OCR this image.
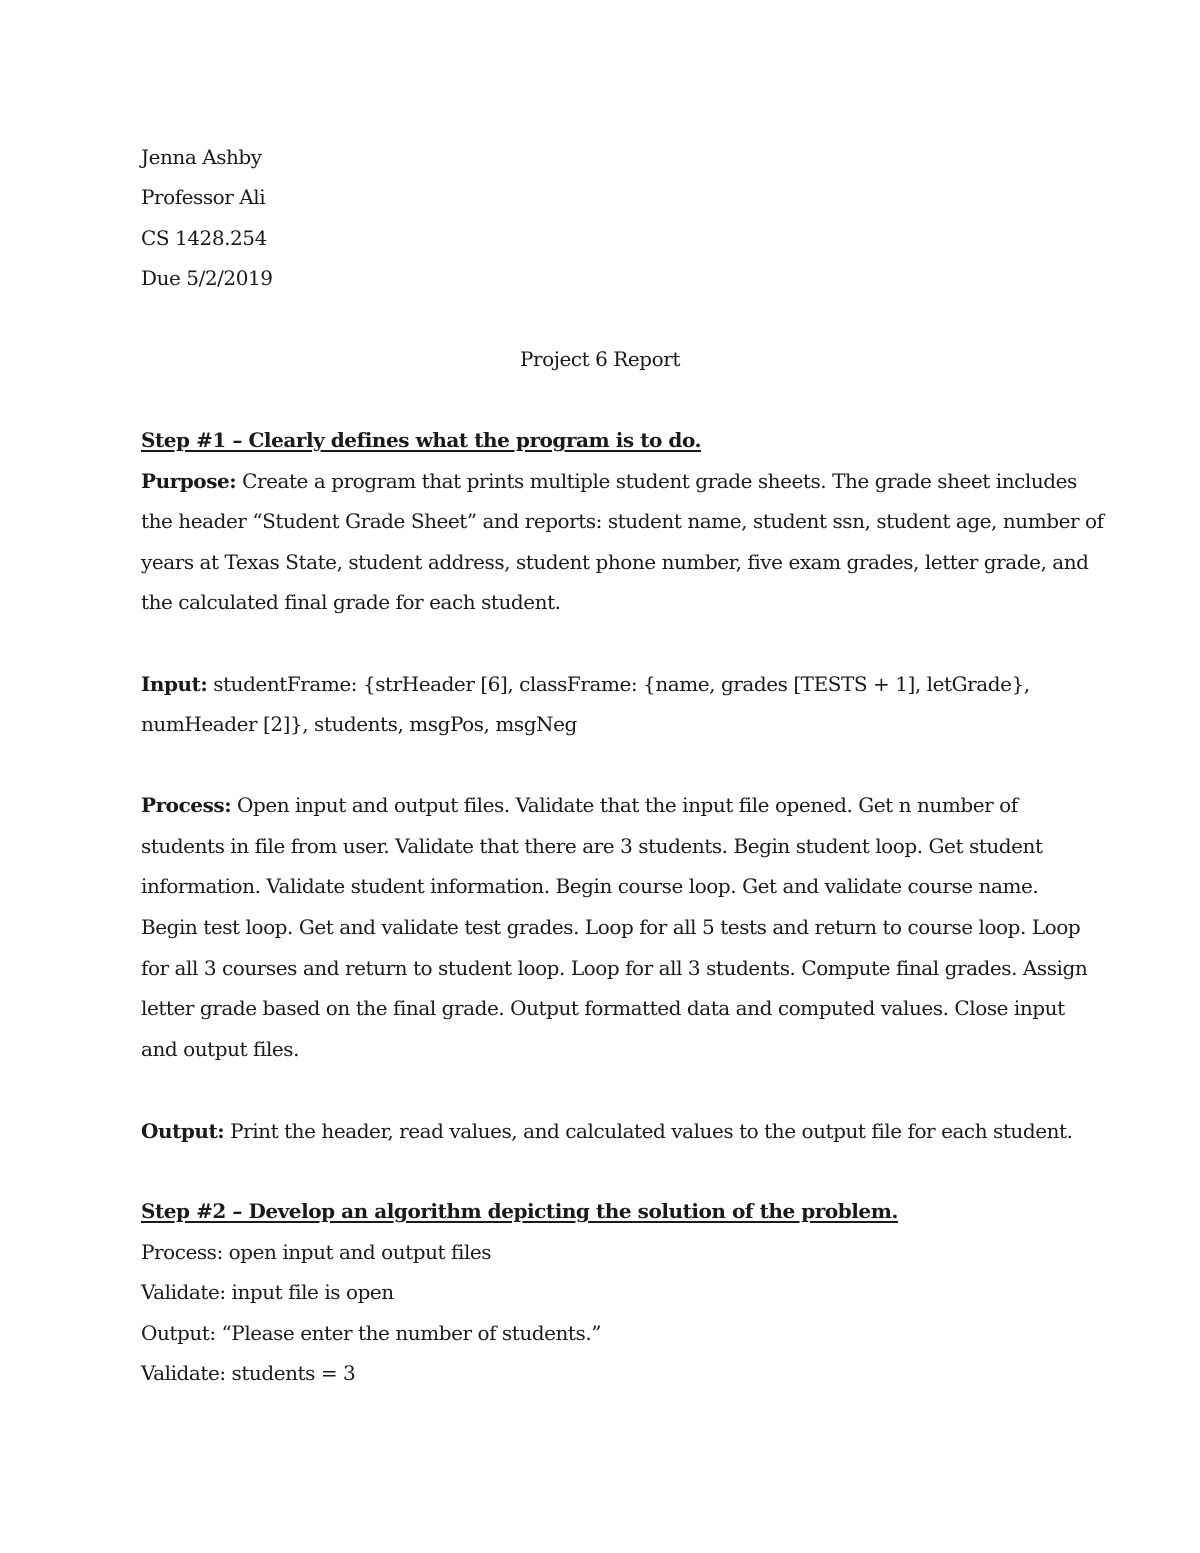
Jenna Ashby
Professor Ali
CS 1428.254
Due 5/2/2019
Project 6 Report
Step #1 – Clearly defines what the program is to do.
Purpose: Create a program that prints multiple student grade sheets. The grade sheet includes
the header “Student Grade Sheet” and reports: student name, student ssn, student age, number of
years at Texas State, student address, student phone number, five exam grades, letter grade, and
the calculated final grade for each student.
Input: studentFrame: {strHeader [6], classFrame: {name, grades [TESTS + 1], letGrade},
numHeader [2]}, students, msgPos, msgNeg
Process: Open input and output files. Validate that the input file opened. Get n number of
students in file from user. Validate that there are 3 students. Begin student loop. Get student
information. Validate student information. Begin course loop. Get and validate course name.
Begin test loop. Get and validate test grades. Loop for all 5 tests and return to course loop. Loop
for all 3 courses and return to student loop. Loop for all 3 students. Compute final grades. Assign
letter grade based on the final grade. Output formatted data and computed values. Close input
and output files.
Output: Print the header, read values, and calculated values to the output file for each student.
Step #2 – Develop an algorithm depicting the solution of the problem.
Process: open input and output files
Validate: input file is open
Output: “Please enter the number of students.”
Validate: students = 3
